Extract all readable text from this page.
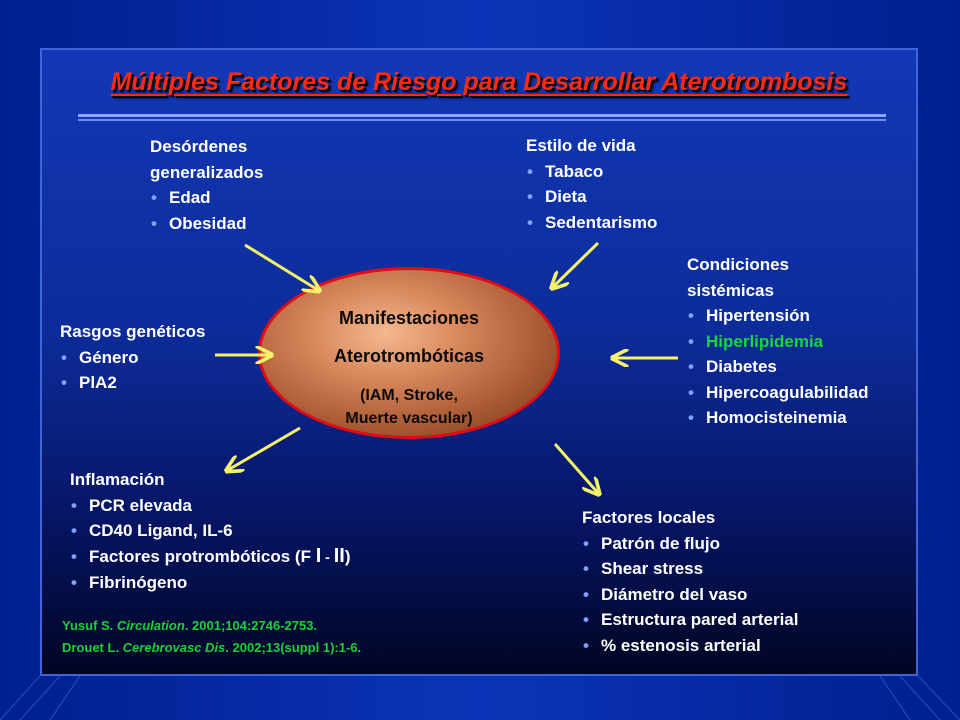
Múltiples Factores de Riesgo para Desarrollar Aterotrombosis
Manifestaciones
Aterotrombóticas
(IAM, Stroke,
Muerte vascular)
Desórdenes
generalizados
• Edad
• Obesidad
Estilo de vida
• Tabaco
• Dieta
• Sedentarismo
Condiciones
sistémicas
• Hipertensión
• Hiperlipidemia
• Diabetes
• Hipercoagulabilidad
• Homocisteinemia
Rasgos genéticos
• Género
• PlA2
Inflamación
• PCR elevada
• CD40 Ligand, IL-6
• Factores protrombóticos (F I - II)
• Fibrinógeno
Factores locales
• Patrón de flujo
• Shear stress
• Diámetro del vaso
• Estructura pared arterial
• % estenosis arterial
Yusuf S. Circulation. 2001;104:2746-2753.
Drouet L. Cerebrovasc Dis. 2002;13(suppl 1):1-6.
